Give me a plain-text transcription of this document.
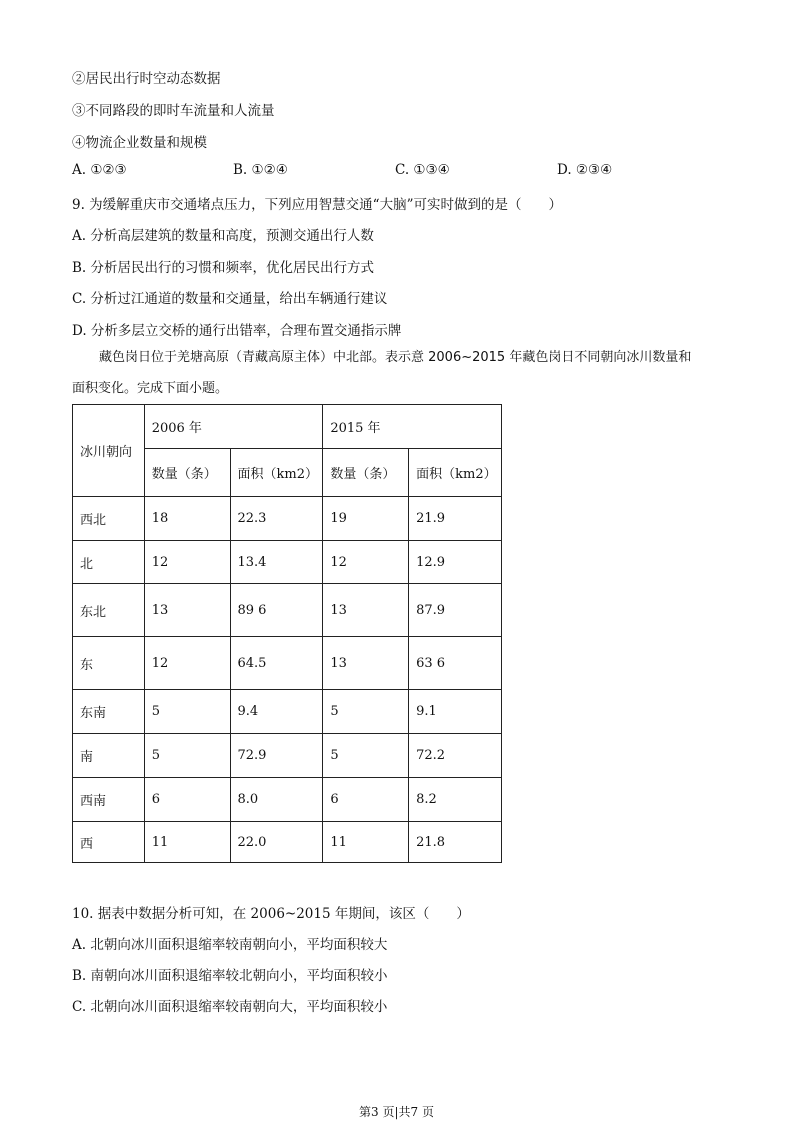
②居民出行时空动态数据
③不同路段的即时车流量和人流量
④物流企业数量和规模
A. ①②③	B. ①②④	C. ①③④	D. ②③④
9. 为缓解重庆市交通堵点压力，下列应用智慧交通“大脑”可实时做到的是（　　）
A. 分析高层建筑的数量和高度，预测交通出行人数
B. 分析居民出行的习惯和频率，优化居民出行方式
C. 分析过江通道的数量和交通量，给出车辆通行建议
D. 分析多层立交桥的通行出错率，合理布置交通指示牌
藏色岗日位于羌塘高原（青藏高原主体）中北部。表示意 2006~2015 年藏色岗日不同朝向冰川数量和
面积变化。完成下面小题。
冰川朝向	2006 年		2015 年	
	数量（条）	面积（km2）	数量（条）	面积（km2）
西北	18	22.3	19	21.9
北	12	13.4	12	12.9
东北	13	89 6	13	87.9
东	12	64.5	13	63 6
东南	5	9.4	5	9.1
南	5	72.9	5	72.2
西南	6	8.0	6	8.2
西	11	22.0	11	21.8
10. 据表中数据分析可知，在 2006~2015 年期间，该区（　　）
A. 北朝向冰川面积退缩率较南朝向小，平均面积较大
B. 南朝向冰川面积退缩率较北朝向小，平均面积较小
C. 北朝向冰川面积退缩率较南朝向大，平均面积较小
第3 页|共7 页
